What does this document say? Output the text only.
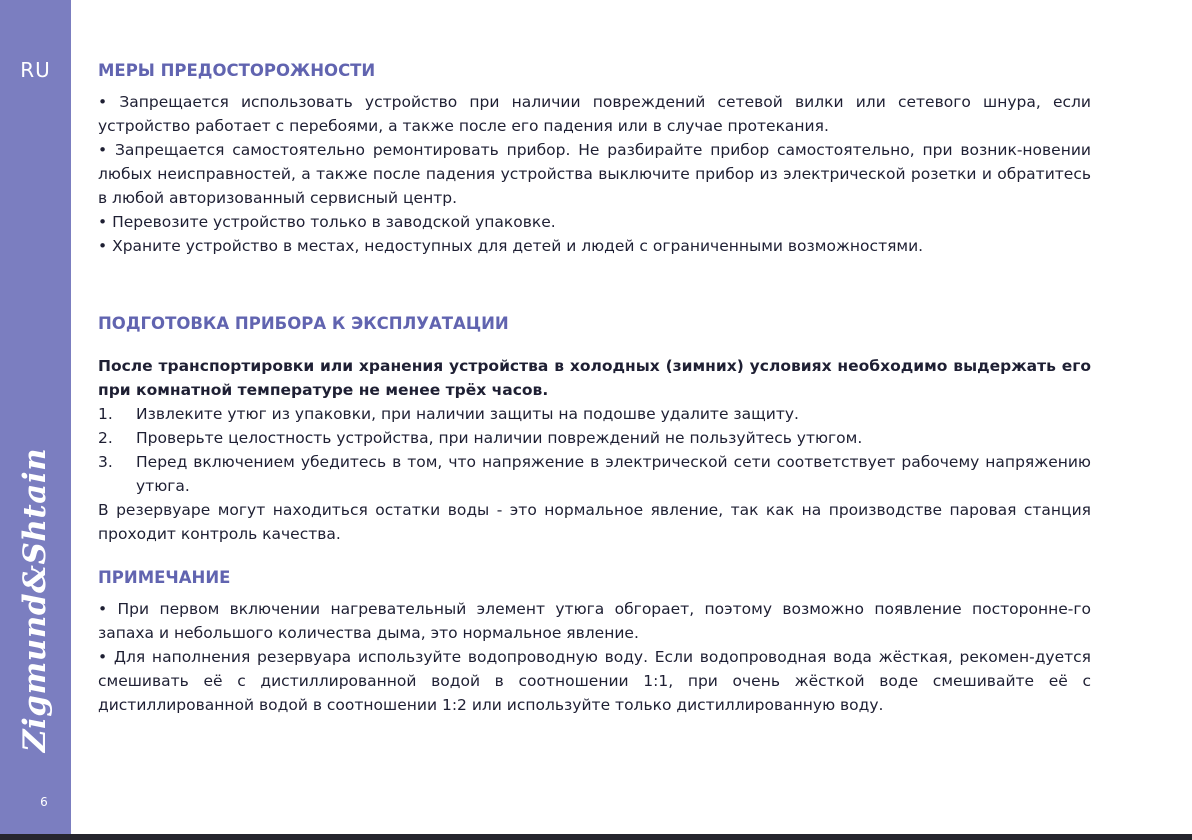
RU
Zigmund&Shtain
6
МЕРЫ ПРЕДОСТОРОЖНОСТИ

• Запрещается использовать устройство при наличии повреждений сетевой вилки или сетевого шнура, если устройство работает с перебоями, а также после его падения или в случае протекания.

• Запрещается самостоятельно ремонтировать прибор. Не разбирайте прибор самостоятельно, при возник-новении любых неисправностей, а также после падения устройства выключите прибор из электрической розетки и обратитесь в любой авторизованный сервисный центр.

• Перевозите устройство только в заводской упаковке.

• Храните устройство в местах, недоступных для детей и людей с ограниченными возможностями.

ПОДГОТОВКА ПРИБОРА К ЭКСПЛУАТАЦИИ

После транспортировки или хранения устройства в холодных (зимних) условиях необходимо выдержать его при комнатной температуре не менее трёх часов.

1. Извлеките утюг из упаковки, при наличии защиты на подошве удалите защиту.
2. Проверьте целостность устройства, при наличии повреждений не пользуйтесь утюгом.
3. Перед включением убедитесь в том, что напряжение в электрической сети соответствует рабочему напряжению утюга.

В резервуаре могут находиться остатки воды - это нормальное явление, так как на производстве паровая станция проходит контроль качества.

ПРИМЕЧАНИЕ

• При первом включении нагревательный элемент утюга обгорает, поэтому возможно появление посторонне-го запаха и небольшого количества дыма, это нормальное явление.

• Для наполнения резервуара используйте водопроводную воду. Если водопроводная вода жёсткая, рекомен-дуется смешивать её с дистиллированной водой в соотношении 1:1, при очень жёсткой воде смешивайте её с дистиллированной водой в соотношении 1:2 или используйте только дистиллированную воду.
